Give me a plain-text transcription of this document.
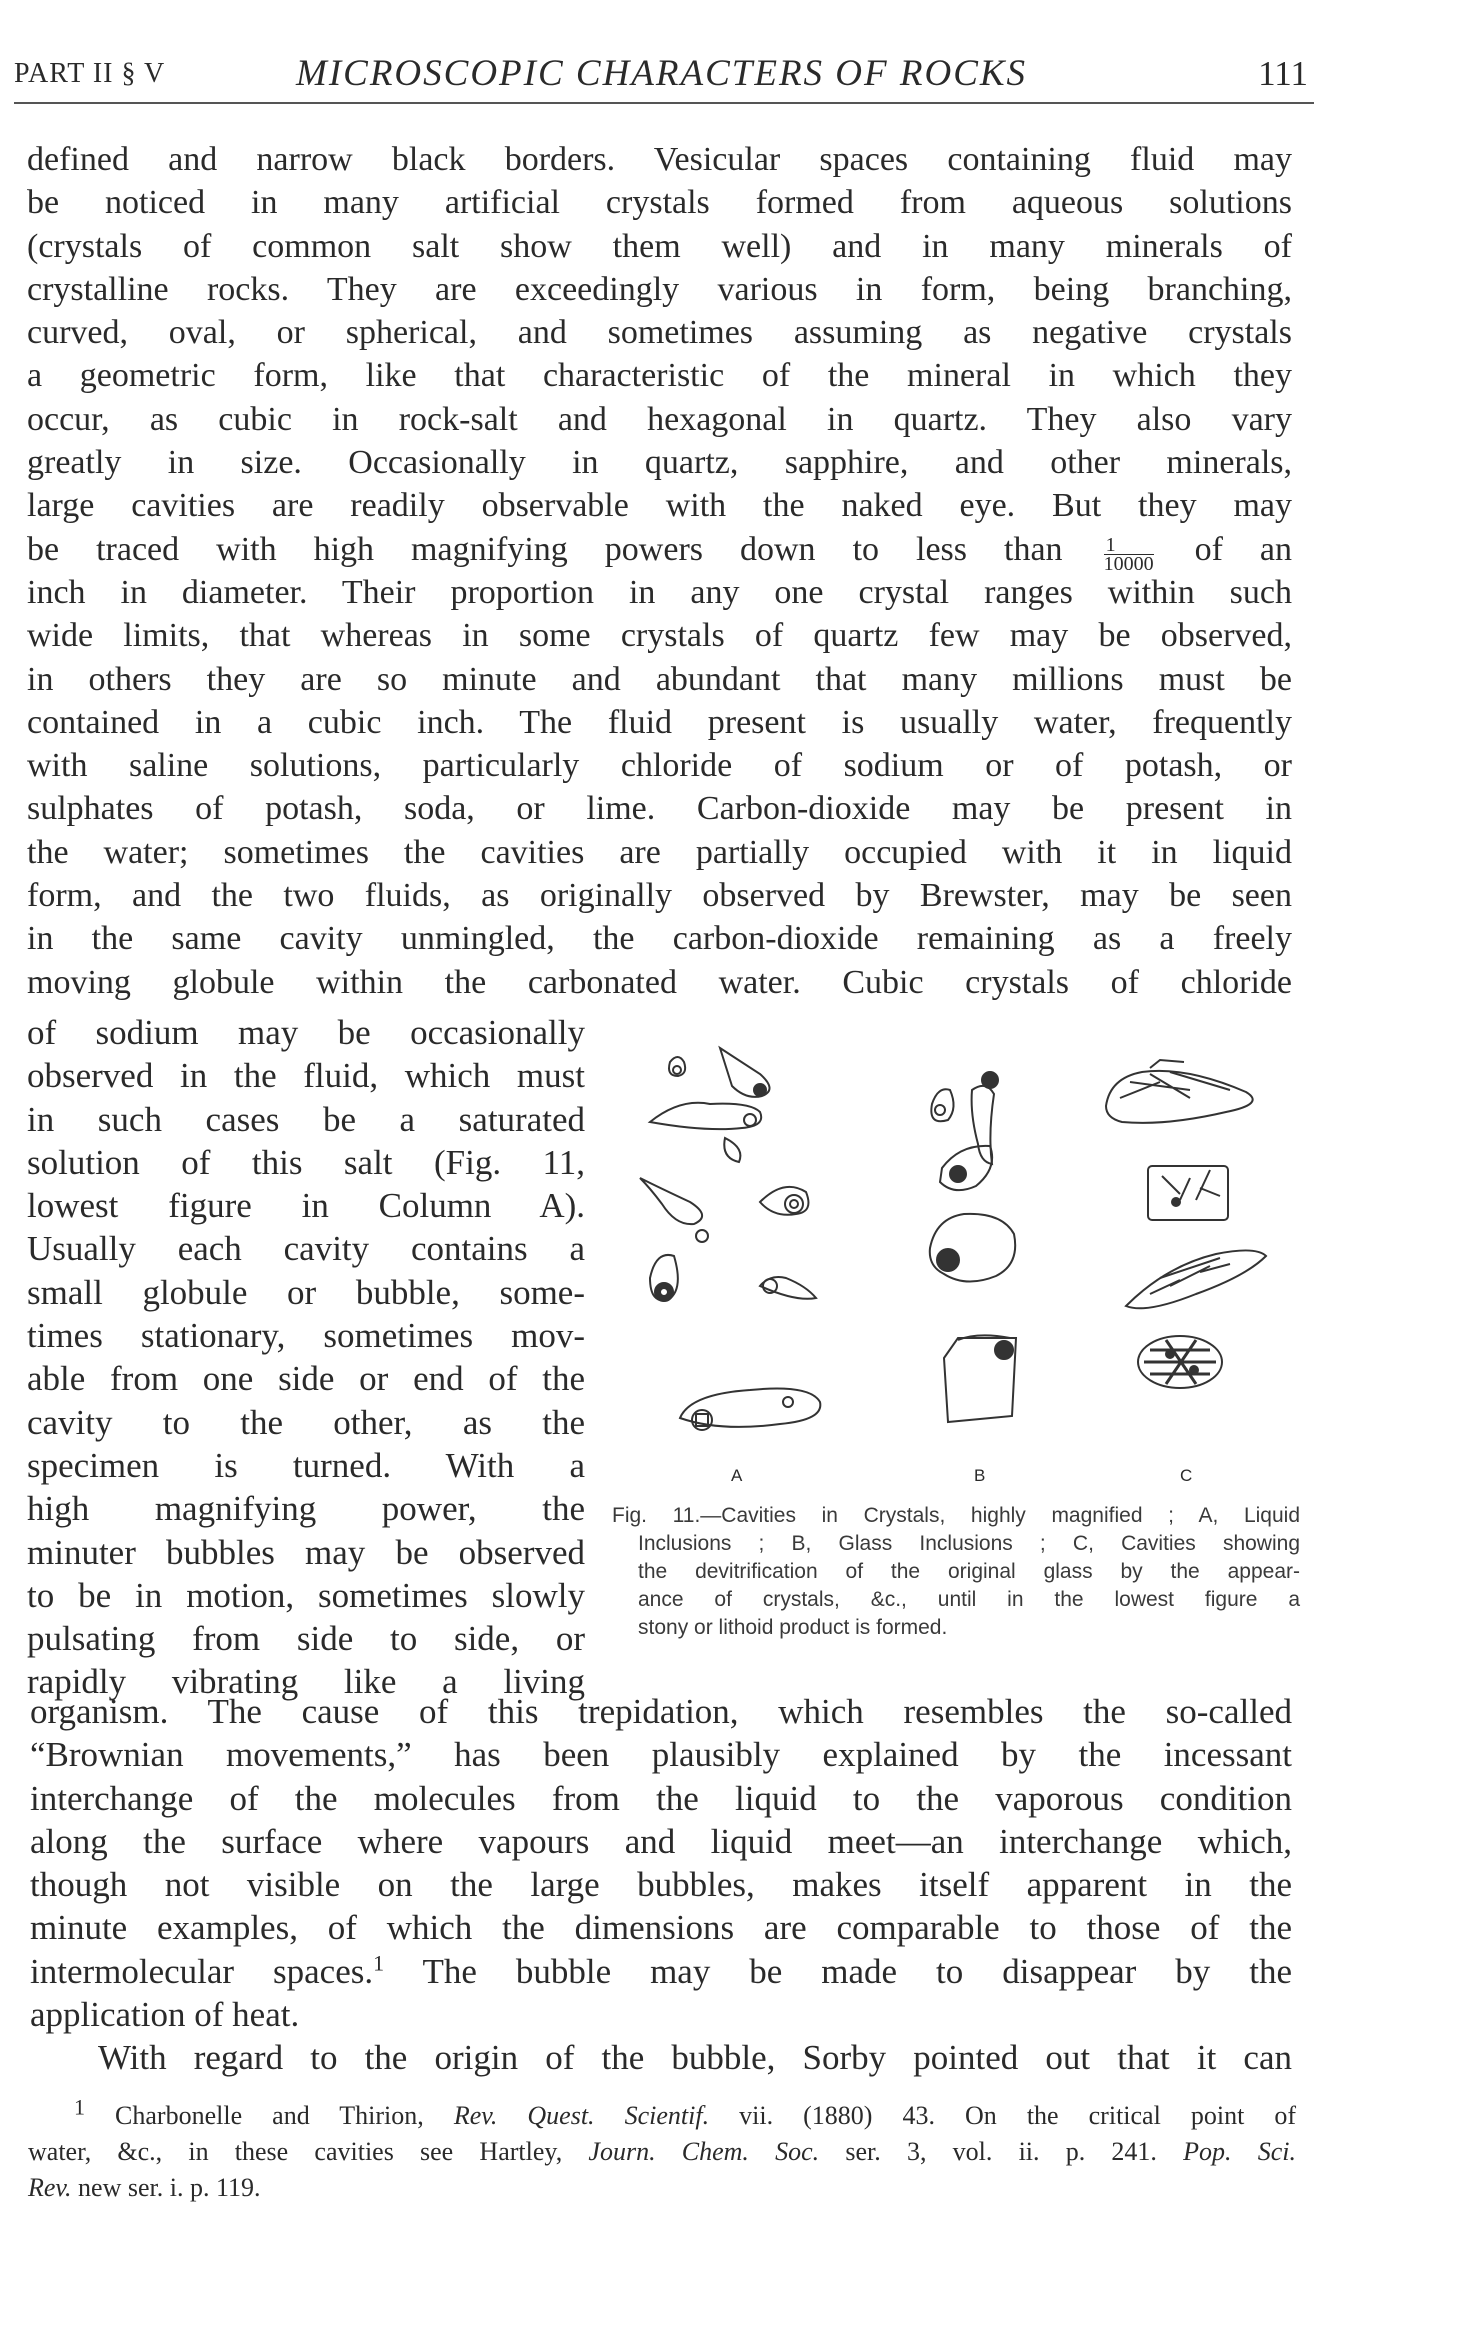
PART II § V	MICROSCOPIC CHARACTERS OF ROCKS	111
defined and narrow black borders. Vesicular spaces containing fluid may
be noticed in many artificial crystals formed from aqueous solutions
(crystals of common salt show them well) and in many minerals of
crystalline rocks. They are exceedingly various in form, being branching,
curved, oval, or spherical, and sometimes assuming as negative crystals
a geometric form, like that characteristic of the mineral in which they
occur, as cubic in rock-salt and hexagonal in quartz. They also vary
greatly in size. Occasionally in quartz, sapphire, and other minerals,
large cavities are readily observable with the naked eye. But they may
be traced with high magnifying powers down to less than $\frac{1}{10000}$ of an
inch in diameter. Their proportion in any one crystal ranges within such
wide limits, that whereas in some crystals of quartz few may be observed,
in others they are so minute and abundant that many millions must be
contained in a cubic inch. The fluid present is usually water, frequently
with saline solutions, particularly chloride of sodium or of potash, or
sulphates of potash, soda, or lime. Carbon-dioxide may be present in
the water; sometimes the cavities are partially occupied with it in liquid
form, and the two fluids, as originally observed by Brewster, may be seen
in the same cavity unmingled, the carbon-dioxide remaining as a freely
moving globule within the carbonated water. Cubic crystals of chloride
of sodium may be occasionally
observed in the fluid, which must
in such cases be a saturated
solution of this salt (Fig. 11,
lowest figure in Column A).
Usually each cavity contains a
small globule or bubble, some-
times stationary, sometimes mov-
able from one side or end of the
cavity to the other, as the
specimen is turned. With a
high magnifying power, the
minuter bubbles may be observed
to be in motion, sometimes slowly
pulsating from side to side, or
rapidly vibrating like a living
A	B	C
Fig. 11.—Cavities in Crystals, highly magnified ; A, Liquid
Inclusions ; B, Glass Inclusions ; C, Cavities showing
the devitrification of the original glass by the appear-
ance of crystals, &c., until in the lowest figure a
stony or lithoid product is formed.
organism. The cause of this trepidation, which resembles the so-called
“Brownian movements,” has been plausibly explained by the incessant
interchange of the molecules from the liquid to the vaporous condition
along the surface where vapours and liquid meet—an interchange which,
though not visible on the large bubbles, makes itself apparent in the
minute examples, of which the dimensions are comparable to those of the
intermolecular spaces.$^1$ The bubble may be made to disappear by the
application of heat.
With regard to the origin of the bubble, Sorby pointed out that it can
$^1$ Charbonelle and Thirion, Rev. Quest. Scientif. vii. (1880) 43. On the critical point of
water, &c., in these cavities see Hartley, Journ. Chem. Soc. ser. 3, vol. ii. p. 241. Pop. Sci.
Rev. new ser. i. p. 119.
